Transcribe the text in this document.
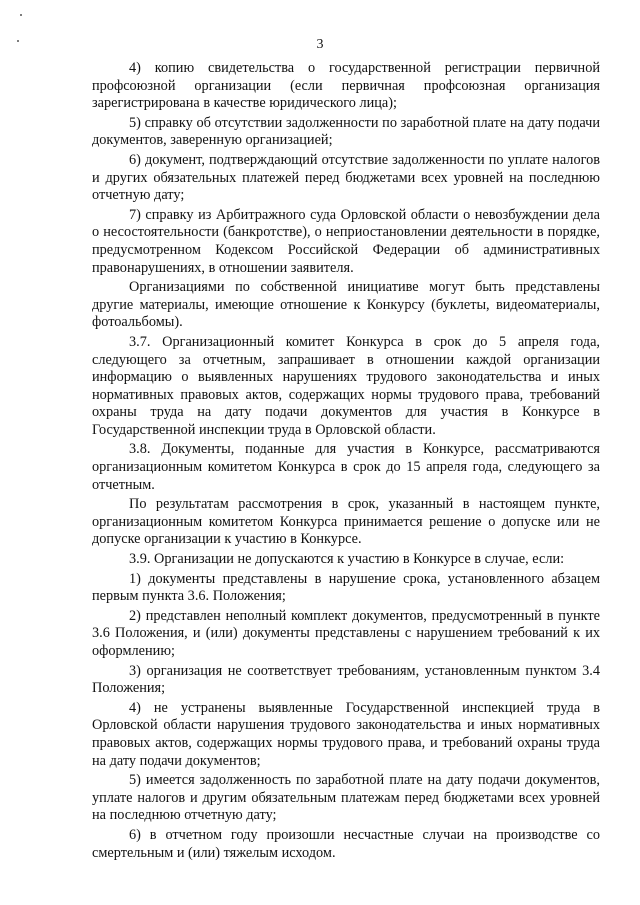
3

4) копию свидетельства о государственной регистрации первичной профсоюзной организации (если первичная профсоюзная организация зарегистрирована в качестве юридического лица);

5) справку об отсутствии задолженности по заработной плате на дату подачи документов, заверенную организацией;

6) документ, подтверждающий отсутствие задолженности по уплате налогов и других обязательных платежей перед бюджетами всех уровней на последнюю отчетную дату;

7) справку из Арбитражного суда Орловской области о невозбуждении дела о несостоятельности (банкротстве), о неприостановлении деятельности в порядке, предусмотренном Кодексом Российской Федерации об административных правонарушениях, в отношении заявителя.

Организациями по собственной инициативе могут быть представлены другие материалы, имеющие отношение к Конкурсу (буклеты, видеоматериалы, фотоальбомы).

3.7. Организационный комитет Конкурса в срок до 5 апреля года, следующего за отчетным, запрашивает в отношении каждой организации информацию о выявленных нарушениях трудового законодательства и иных нормативных правовых актов, содержащих нормы трудового права, требований охраны труда на дату подачи документов для участия в Конкурсе в Государственной инспекции труда в Орловской области.

3.8. Документы, поданные для участия в Конкурсе, рассматриваются организационным комитетом Конкурса в срок до 15 апреля года, следующего за отчетным.

По результатам рассмотрения в срок, указанный в настоящем пункте, организационным комитетом Конкурса принимается решение о допуске или не допуске организации к участию в Конкурсе.

3.9. Организации не допускаются к участию в Конкурсе в случае, если:

1) документы представлены в нарушение срока, установленного абзацем первым пункта 3.6. Положения;

2) представлен неполный комплект документов, предусмотренный в пункте 3.6 Положения, и (или) документы представлены с нарушением требований к их оформлению;

3) организация не соответствует требованиям, установленным пунктом 3.4 Положения;

4) не устранены выявленные Государственной инспекцией труда в Орловской области нарушения трудового законодательства и иных нормативных правовых актов, содержащих нормы трудового права, и требований охраны труда на дату подачи документов;

5) имеется задолженность по заработной плате на дату подачи документов, уплате налогов и другим обязательным платежам перед бюджетами всех уровней на последнюю отчетную дату;

6) в отчетном году произошли несчастные случаи на производстве со смертельным и (или) тяжелым исходом.
